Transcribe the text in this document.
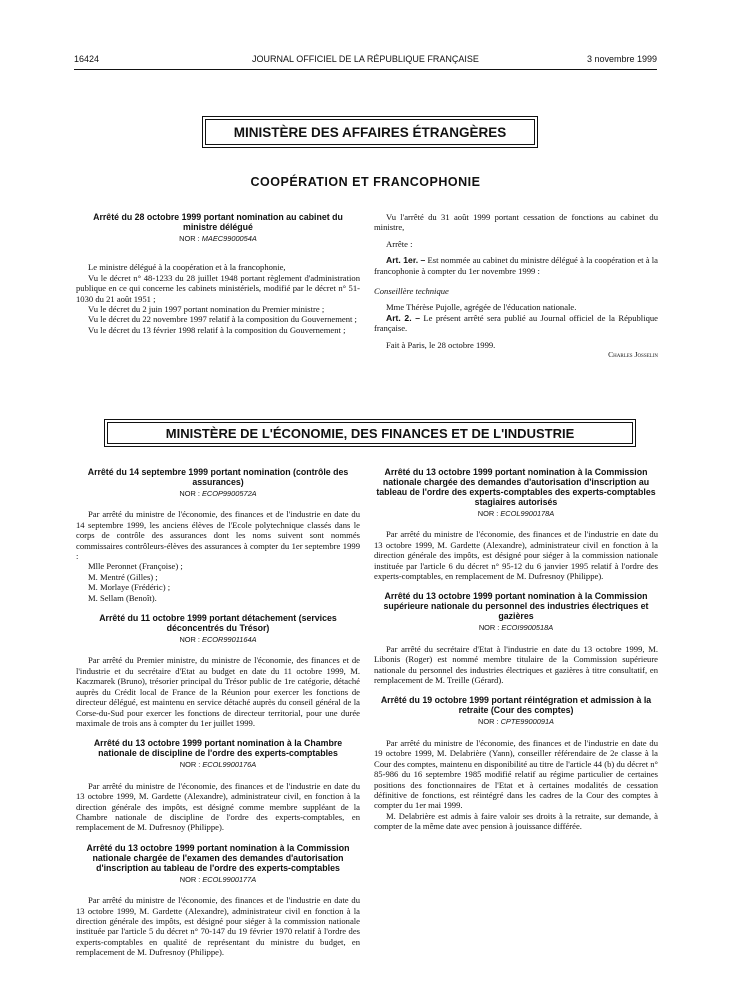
16424	JOURNAL OFFICIEL DE LA RÉPUBLIQUE FRANÇAISE	3 novembre 1999
MINISTÈRE DES AFFAIRES ÉTRANGÈRES
COOPÉRATION ET FRANCOPHONIE
Arrêté du 28 octobre 1999 portant nomination au cabinet du ministre délégué
NOR : MAEC9900054A

Le ministre délégué à la coopération et à la francophonie,

Vu le décret n° 48-1233 du 28 juillet 1948 portant règlement d'administration publique en ce qui concerne les cabinets ministériels, modifié par le décret n° 51-1030 du 21 août 1951 ;

Vu le décret du 2 juin 1997 portant nomination du Premier ministre ;

Vu le décret du 22 novembre 1997 relatif à la composition du Gouvernement ;

Vu le décret du 13 février 1998 relatif à la composition du Gouvernement ;

Vu l'arrêté du 31 août 1999 portant cessation de fonctions au cabinet du ministre,

Arrête :

Art. 1er. – Est nommée au cabinet du ministre délégué à la coopération et à la francophonie à compter du 1er novembre 1999 :

Conseillère technique

Mme Thérèse Pujolle, agrégée de l'éducation nationale.

Art. 2. – Le présent arrêté sera publié au Journal officiel de la République française.

Fait à Paris, le 28 octobre 1999.

Charles Josselin
MINISTÈRE DE L'ÉCONOMIE, DES FINANCES ET DE L'INDUSTRIE
Arrêté du 14 septembre 1999 portant nomination (contrôle des assurances)
NOR : ECOP9900572A

Par arrêté du ministre de l'économie, des finances et de l'industrie en date du 14 septembre 1999, les anciens élèves de l'Ecole polytechnique classés dans le corps de contrôle des assurances dont les noms suivent sont nommés commissaires contrôleurs-élèves des assurances à compter du 1er septembre 1999 :

Mlle Peronnet (Françoise) ;

M. Mentré (Gilles) ;

M. Morlaye (Frédéric) ;

M. Sellam (Benoît).

Arrêté du 11 octobre 1999 portant détachement (services déconcentrés du Trésor)
NOR : ECOR9901164A

Par arrêté du Premier ministre, du ministre de l'économie, des finances et de l'industrie et du secrétaire d'Etat au budget en date du 11 octobre 1999, M. Kaczmarek (Bruno), trésorier principal du Trésor public de 1re catégorie, détaché auprès du Crédit local de France de la Réunion pour exercer les fonctions de directeur délégué, est maintenu en service détaché auprès du conseil général de la Corse-du-Sud pour exercer les fonctions de directeur territorial, pour une durée maximale de trois ans à compter du 1er juillet 1999.

Arrêté du 13 octobre 1999 portant nomination à la Chambre nationale de discipline de l'ordre des experts-comptables
NOR : ECOL9900176A

Par arrêté du ministre de l'économie, des finances et de l'industrie en date du 13 octobre 1999, M. Gardette (Alexandre), administrateur civil, en fonction à la direction générale des impôts, est désigné comme membre suppléant de la Chambre nationale de discipline de l'ordre des experts-comptables, en remplacement de M. Dufresnoy (Philippe).

Arrêté du 13 octobre 1999 portant nomination à la Commission nationale chargée de l'examen des demandes d'autorisation d'inscription au tableau de l'ordre des experts-comptables
NOR : ECOL9900177A

Par arrêté du ministre de l'économie, des finances et de l'industrie en date du 13 octobre 1999, M. Gardette (Alexandre), administrateur civil en fonction à la direction générale des impôts, est désigné pour siéger à la commission nationale instituée par l'article 5 du décret n° 70-147 du 19 février 1970 relatif à l'ordre des experts-comptables en qualité de représentant du ministre du budget, en remplacement de M. Dufresnoy (Philippe).

Arrêté du 13 octobre 1999 portant nomination à la Commission nationale chargée des demandes d'autorisation d'inscription au tableau de l'ordre des experts-comptables des experts-comptables stagiaires autorisés
NOR : ECOL9900178A

Par arrêté du ministre de l'économie, des finances et de l'industrie en date du 13 octobre 1999, M. Gardette (Alexandre), administrateur civil en fonction à la direction générale des impôts, est désigné pour siéger à la commission nationale instituée par l'article 6 du décret n° 95-12 du 6 janvier 1995 relatif à l'ordre des experts-comptables, en remplacement de M. Dufresnoy (Philippe).

Arrêté du 13 octobre 1999 portant nomination à la Commission supérieure nationale du personnel des industries électriques et gazières
NOR : ECOI9900518A

Par arrêté du secrétaire d'Etat à l'industrie en date du 13 octobre 1999, M. Libonis (Roger) est nommé membre titulaire de la Commission supérieure nationale du personnel des industries électriques et gazières à titre consultatif, en remplacement de M. Treille (Gérard).

Arrêté du 19 octobre 1999 portant réintégration et admission à la retraite (Cour des comptes)
NOR : CPTE9900091A

Par arrêté du ministre de l'économie, des finances et de l'industrie en date du 19 octobre 1999, M. Delabrière (Yann), conseiller référendaire de 2e classe à la Cour des comptes, maintenu en disponibilité au titre de l'article 44 (b) du décret n° 85-986 du 16 septembre 1985 modifié relatif au régime particulier de certaines positions des fonctionnaires de l'Etat et à certaines modalités de cessation définitive de fonctions, est réintégré dans les cadres de la Cour des comptes à compter du 1er mai 1999.

M. Delabrière est admis à faire valoir ses droits à la retraite, sur demande, à compter de la même date avec pension à jouissance différée.
